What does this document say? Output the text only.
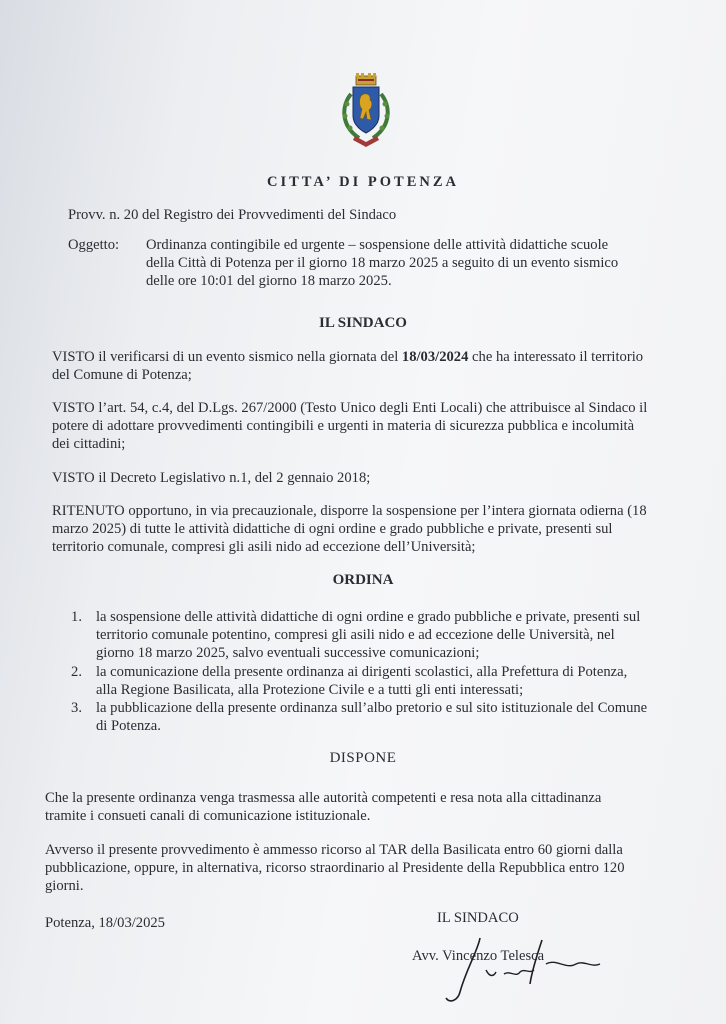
CITTA’ DI POTENZA

Provv. n. 20 del Registro dei Provvedimenti del Sindaco

Oggetto:	Ordinanza contingibile ed urgente – sospensione delle attività didattiche scuole
della Città di Potenza per il giorno 18 marzo 2025 a seguito di un evento sismico
delle ore 10:01 del giorno 18 marzo 2025.
IL SINDACO
VISTO il verificarsi di un evento sismico nella giornata del 18/03/2024 che ha interessato il territorio
del Comune di Potenza;
VISTO l’art. 54, c.4, del D.Lgs. 267/2000 (Testo Unico degli Enti Locali) che attribuisce al Sindaco il
potere di adottare provvedimenti contingibili e urgenti in materia di sicurezza pubblica e incolumità
dei cittadini;

VISTO il Decreto Legislativo n.1, del 2 gennaio 2018;

RITENUTO opportuno, in via precauzionale, disporre la sospensione per l’intera giornata odierna (18
marzo 2025) di tutte le attività didattiche di ogni ordine e grado pubbliche e private, presenti sul
territorio comunale, compresi gli asili nido ad eccezione dell’Università;
ORDINA
1. la sospensione delle attività didattiche di ogni ordine e grado pubbliche e private, presenti sul
territorio comunale potentino, compresi gli asili nido e ad eccezione delle Università, nel
giorno 18 marzo 2025, salvo eventuali successive comunicazioni;
2. la comunicazione della presente ordinanza ai dirigenti scolastici, alla Prefettura di Potenza,
alla Regione Basilicata, alla Protezione Civile e a tutti gli enti interessati;
3. la pubblicazione della presente ordinanza sull’albo pretorio e sul sito istituzionale del Comune
di Potenza.
DISPONE
Che la presente ordinanza venga trasmessa alle autorità competenti e resa nota alla cittadinanza
tramite i consueti canali di comunicazione istituzionale.
Avverso il presente provvedimento è ammesso ricorso al TAR della Basilicata entro 60 giorni dalla
pubblicazione, oppure, in alternativa, ricorso straordinario al Presidente della Repubblica entro 120
giorni.

Potenza, 18/03/2025	IL SINDACO

Avv. Vincenzo Telesca
